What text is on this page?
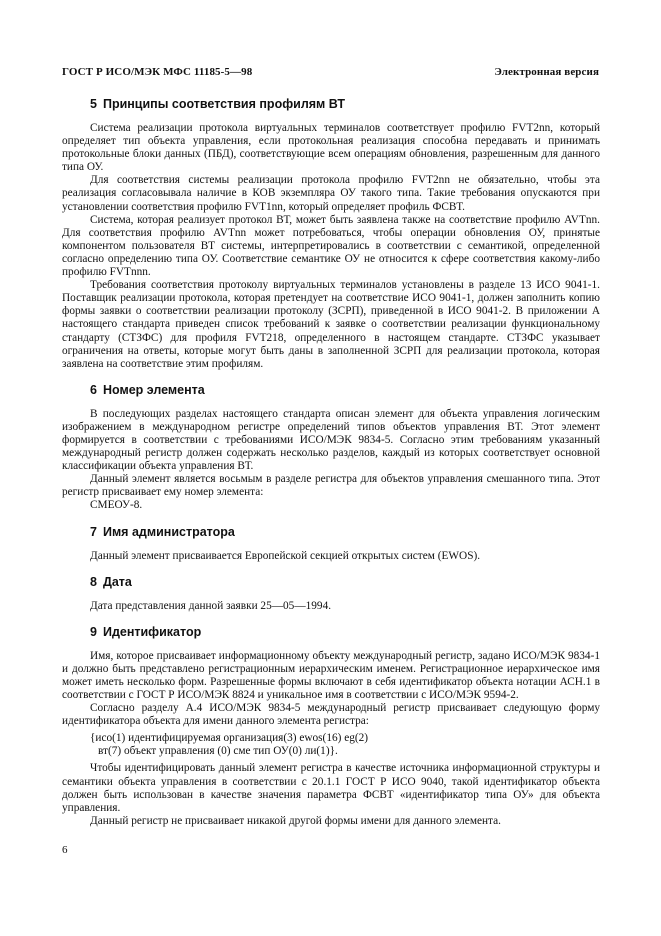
ГОСТ Р ИСО/МЭК МФС 11185-5—98	Электронная версия
5 Принципы соответствия профилям ВТ

Система реализации протокола виртуальных терминалов соответствует профилю FVT2nn, который определяет тип объекта управления, если протокольная реализация способна передавать и принимать протокольные блоки данных (ПБД), соответствующие всем операциям обновления, разрешенным для данного типа ОУ.

Для соответствия системы реализации протокола профилю FVT2nn не обязательно, чтобы эта реализация согласовывала наличие в КОВ экземпляра ОУ такого типа. Такие требования опускаются при установлении соответствия профилю FVT1nn, который определяет профиль ФСВТ.

Система, которая реализует протокол ВТ, может быть заявлена также на соответствие профилю AVTnn. Для соответствия профилю AVTnn может потребоваться, чтобы операции обновления ОУ, принятые компонентом пользователя ВТ системы, интерпретировались в соответствии с семантикой, определенной согласно определению типа ОУ. Соответствие семантике ОУ не относится к сфере соответствия какому-либо профилю FVTnnn.

Требования соответствия протоколу виртуальных терминалов установлены в разделе 13 ИСО 9041-1. Поставщик реализации протокола, которая претендует на соответствие ИСО 9041-1, должен заполнить копию формы заявки о соответствии реализации протоколу (ЗСРП), приведенной в ИСО 9041-2. В приложении А настоящего стандарта приведен список требований к заявке о соответствии реализации функциональному стандарту (СТЗФС) для профиля FVT218, определенного в настоящем стандарте. СТЗФС указывает ограничения на ответы, которые могут быть даны в заполненной ЗСРП для реализации протокола, которая заявлена на соответствие этим профилям.

6 Номер элемента

В последующих разделах настоящего стандарта описан элемент для объекта управления логическим изображением в международном регистре определений типов объектов управления ВТ. Этот элемент формируется в соответствии с требованиями ИСО/МЭК 9834-5. Согласно этим требованиям указанный международный регистр должен содержать несколько разделов, каждый из которых соответствует основной классификации объекта управления ВТ.

Данный элемент является восьмым в разделе регистра для объектов управления смешанного типа. Этот регистр присваивает ему номер элемента:

СМЕОУ-8.

7 Имя администратора

Данный элемент присваивается Европейской секцией открытых систем (EWOS).

8 Дата

Дата представления данной заявки 25—05—1994.

9 Идентификатор

Имя, которое присваивает информационному объекту международный регистр, задано ИСО/МЭК 9834-1 и должно быть представлено регистрационным иерархическим именем. Регистрационное иерархическое имя может иметь несколько форм. Разрешенные формы включают в себя идентификатор объекта нотации АСН.1 в соответствии с ГОСТ Р ИСО/МЭК 8824 и уникальное имя в соответствии с ИСО/МЭК 9594-2.

Согласно разделу А.4 ИСО/МЭК 9834-5 международный регистр присваивает следующую форму идентификатора объекта для имени данного элемента регистра:

{исо(1) идентифицируемая организация(3) ewos(16) eg(2)

вт(7) объект управления (0) сме тип ОУ(0) ли(1)}.

Чтобы идентифицировать данный элемент регистра в качестве источника информационной структуры и семантики объекта управления в соответствии с 20.1.1 ГОСТ Р ИСО 9040, такой идентификатор объекта должен быть использован в качестве значения параметра ФСВТ «идентификатор типа ОУ» для объекта управления.

Данный регистр не присваивает никакой другой формы имени для данного элемента.

6
